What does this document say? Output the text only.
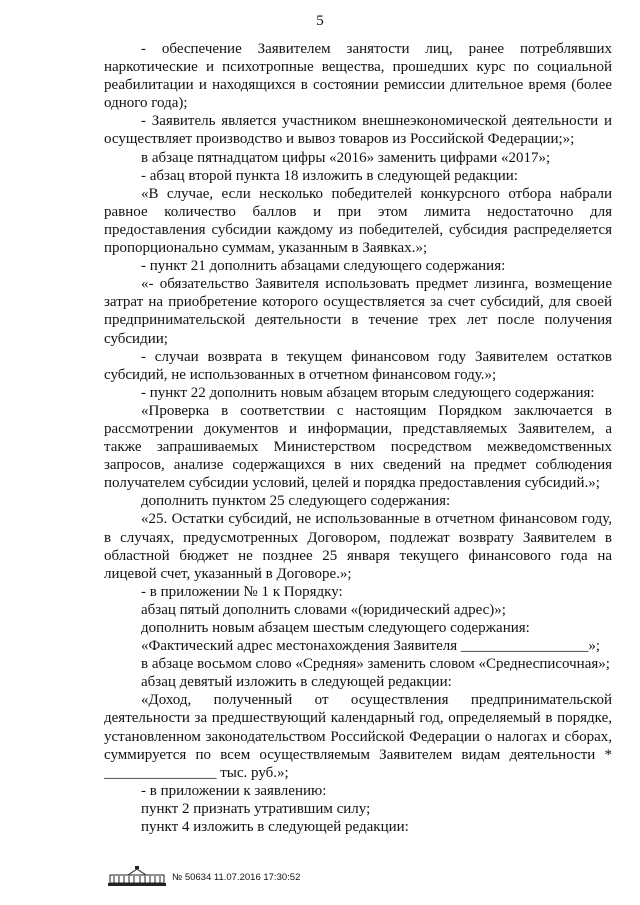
5

- обеспечение Заявителем занятости лиц, ранее потреблявших наркотические и психотропные вещества, прошедших курс по социальной реабилитации и находящихся в состоянии ремиссии длительное время (более одного года);

- Заявитель является участником внешнеэкономической деятельности и осуществляет производство и вывоз товаров из Российской Федерации;»;

в абзаце пятнадцатом цифры «2016» заменить цифрами «2017»;

- абзац второй пункта 18 изложить в следующей редакции:

«В случае, если несколько победителей конкурсного отбора набрали равное количество баллов и при этом лимита недостаточно для предоставления субсидии каждому из победителей, субсидия распределяется пропорционально суммам, указанным в Заявках.»;

- пункт 21 дополнить абзацами следующего содержания:

«- обязательство Заявителя использовать предмет лизинга, возмещение затрат на приобретение которого осуществляется за счет субсидий, для своей предпринимательской деятельности в течение трех лет после получения субсидии;

- случаи возврата в текущем финансовом году Заявителем остатков субсидий, не использованных в отчетном финансовом году.»;

- пункт 22 дополнить новым абзацем вторым следующего содержания:

«Проверка в соответствии с настоящим Порядком заключается в рассмотрении документов и информации, представляемых Заявителем, а также запрашиваемых Министерством посредством межведомственных запросов, анализе содержащихся в них сведений на предмет соблюдения получателем субсидии условий, целей и порядка предоставления субсидий.»;

дополнить пунктом 25 следующего содержания:

«25. Остатки субсидий, не использованные в отчетном финансовом году, в случаях, предусмотренных Договором, подлежат возврату Заявителем в областной бюджет не позднее 25 января текущего финансового года на лицевой счет, указанный в Договоре.»;

- в приложении № 1 к Порядку:

абзац пятый дополнить словами «(юридический адрес)»;

дополнить новым абзацем шестым следующего содержания:

«Фактический адрес местонахождения Заявителя _________________»;

в абзаце восьмом слово «Средняя» заменить словом «Среднесписочная»;

абзац девятый изложить в следующей редакции:

«Доход, полученный от осуществления предпринимательской деятельности за предшествующий календарный год, определяемый в порядке, установленном законодательством Российской Федерации о налогах и сборах, суммируется по всем осуществляемым Заявителем видам деятельности * _______________ тыс. руб.»;

- в приложении к заявлению:

пункт 2 признать утратившим силу;

пункт 4 изложить в следующей редакции:

№ 50634 11.07.2016 17:30:52
